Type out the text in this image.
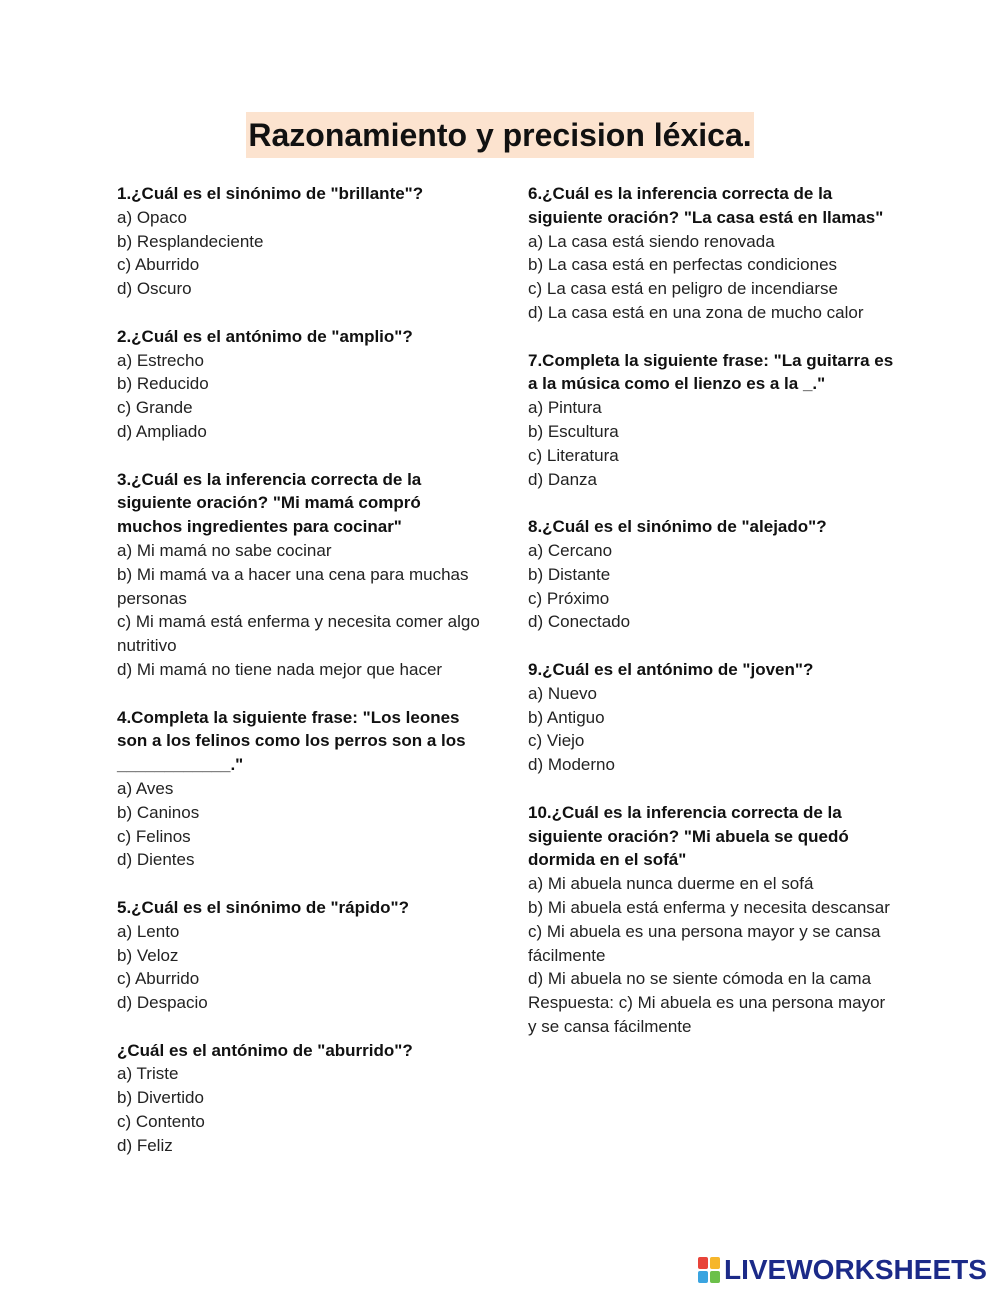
Razonamiento y precision léxica.
1.¿Cuál es el sinónimo de "brillante"?
a) Opaco
b) Resplandeciente
c) Aburrido
d) Oscuro
2.¿Cuál es el antónimo de "amplio"?
a) Estrecho
b) Reducido
c) Grande
d) Ampliado
3.¿Cuál es la inferencia correcta de la siguiente oración? "Mi mamá compró muchos ingredientes para cocinar"
a) Mi mamá no sabe cocinar
b) Mi mamá va a hacer una cena para muchas personas
c) Mi mamá está enferma y necesita comer algo nutritivo
d) Mi mamá no tiene nada mejor que hacer
4.Completa la siguiente frase: "Los leones son a los felinos como los perros son a los ____________."
a) Aves
b) Caninos
c) Felinos
d) Dientes
5.¿Cuál es el sinónimo de "rápido"?
a) Lento
b) Veloz
c) Aburrido
d) Despacio
¿Cuál es el antónimo de "aburrido"?
a) Triste
b) Divertido
c) Contento
d) Feliz
6.¿Cuál es la inferencia correcta de la siguiente oración? "La casa está en llamas"
a) La casa está siendo renovada
b) La casa está en perfectas condiciones
c) La casa está en peligro de incendiarse
d) La casa está en una zona de mucho calor
7.Completa la siguiente frase: "La guitarra es a la música como el lienzo es a la _."
a) Pintura
b) Escultura
c) Literatura
d) Danza
8.¿Cuál es el sinónimo de "alejado"?
a) Cercano
b) Distante
c) Próximo
d) Conectado
9.¿Cuál es el antónimo de "joven"?
a) Nuevo
b) Antiguo
c) Viejo
d) Moderno
10.¿Cuál es la inferencia correcta de la siguiente oración? "Mi abuela se quedó dormida en el sofá"
a) Mi abuela nunca duerme en el sofá
b) Mi abuela está enferma y necesita descansar
c) Mi abuela es una persona mayor y se cansa fácilmente
d) Mi abuela no se siente cómoda en la cama
Respuesta: c) Mi abuela es una persona mayor y se cansa fácilmente
LIVEWORKSHEETS
